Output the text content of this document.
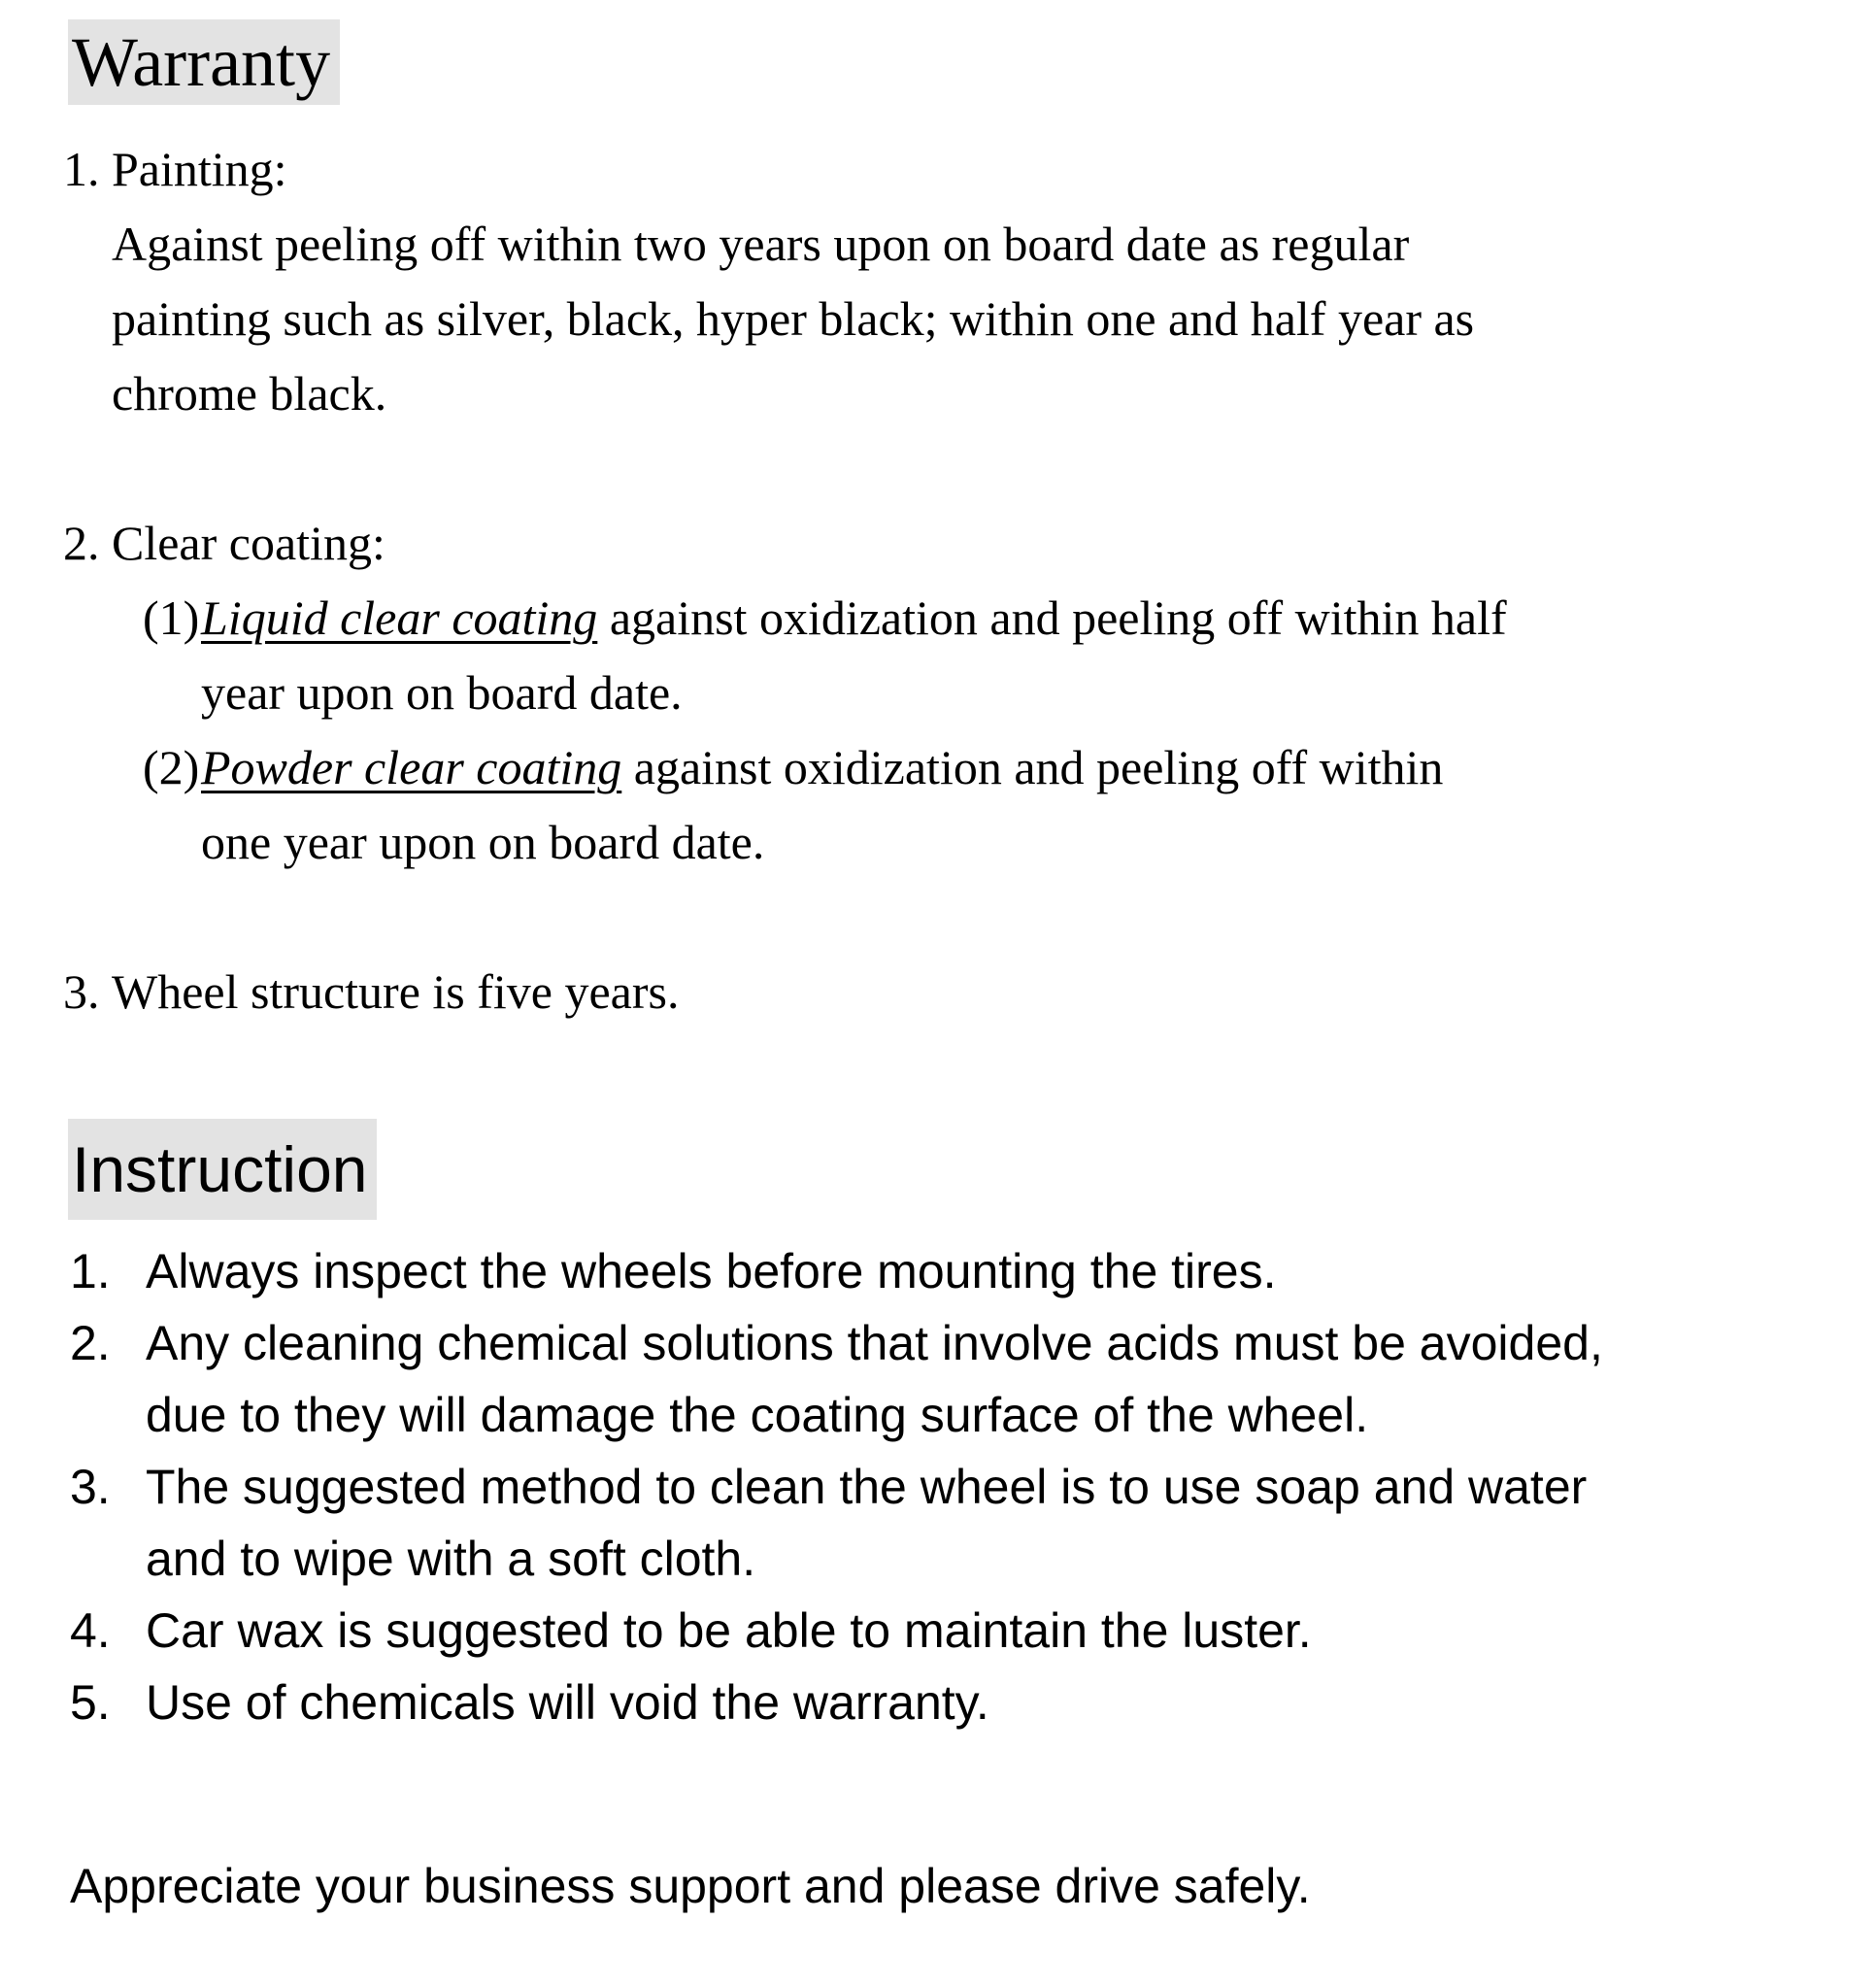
Warranty
1. Painting:
Against peeling off within two years upon on board date as regular
painting such as silver, black, hyper black; within one and half year as
chrome black.
2. Clear coating:
(1) Liquid clear coating against oxidization and peeling off within half
year upon on board date.
(2) Powder clear coating against oxidization and peeling off within
one year upon on board date.
3. Wheel structure is five years.
Instruction
1. Always inspect the wheels before mounting the tires.
2. Any cleaning chemical solutions that involve acids must be avoided,
due to they will damage the coating surface of the wheel.
3. The suggested method to clean the wheel is to use soap and water
and to wipe with a soft cloth.
4. Car wax is suggested to be able to maintain the luster.
5. Use of chemicals will void the warranty.
Appreciate your business support and please drive safely.
